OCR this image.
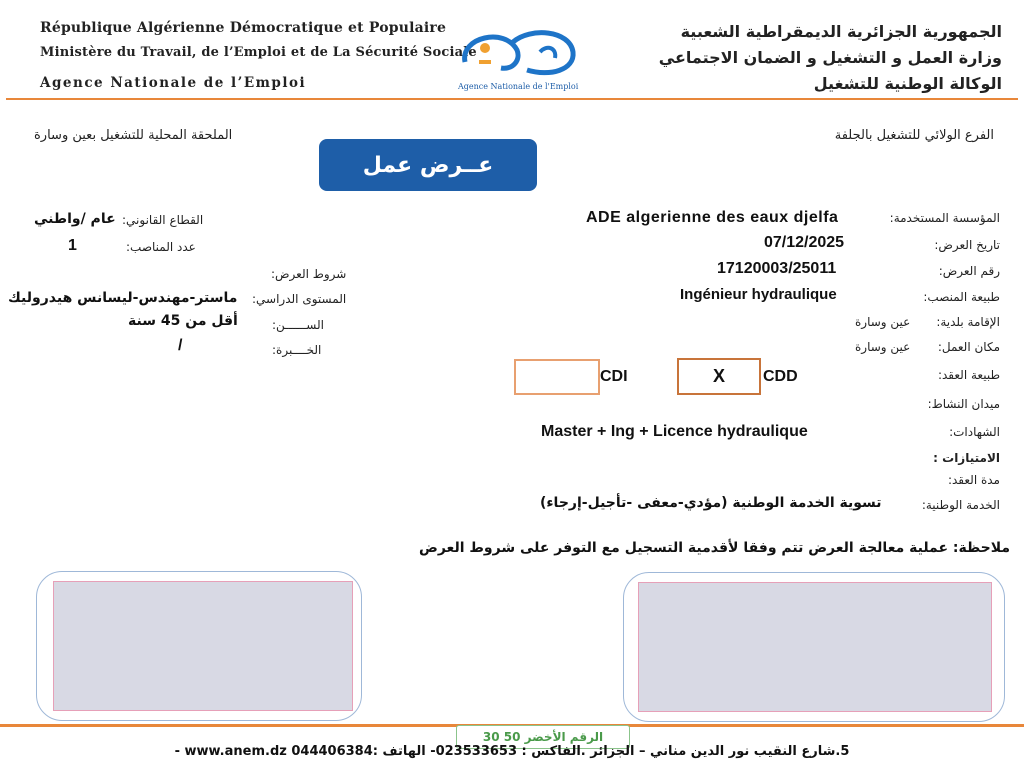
République Algérienne Démocratique et Populaire
Ministère du Travail, de l’Emploi et de La Sécurité Sociale
Agence Nationale de l’Emploi	Agence Nationale de l'Emploi
الجمهورية الجزائرية الديمقراطية الشعبية
وزارة العمل و التشغيل و الضمان الاجتماعي
الوكالة الوطنية للتشغيل
الملحقة المحلية للتشغيل بعين وسارة	الفرع الولائي للتشغيل بالجلفة
عــرض عمل
المؤسسة المستخدمة:
ADE algerienne des eaux djelfa
تاريخ العرض:
07/12/2025
رقم العرض:
17120003/25011
طبيعة المنصب:
Ingénieur hydraulique
الإقامة بلدية:
عين وسارة
مكان العمل:
عين وسارة
طبيعة العقد:
CDI	X CDD
ميدان النشاط:
الشهادات:
Master + Ing + Licence hydraulique
الامتيازات :
مدة العقد:
الخدمة الوطنية:
تسوية الخدمة الوطنية (مؤدي-معفى -تأجيل-إرجاء)
القطاع القانوني:
عام /واطني
عدد المناصب:
1
شروط العرض:
المستوى الدراسي:
ماستر-مهندس-ليسانس هيدروليك
الســــــن:
أقل من 45 سنة
الخــــبرة:
/
ملاحظة: عملية معالجة العرض تتم وفقا لأقدمية التسجيل مع التوفر على شروط العرض
الرقم الأخضر 50 30
5.شارع النقيب نور الدين مناني – الجزائر .الفاكس : 023533653- الهاتف :044406384 www.anem.dz -
